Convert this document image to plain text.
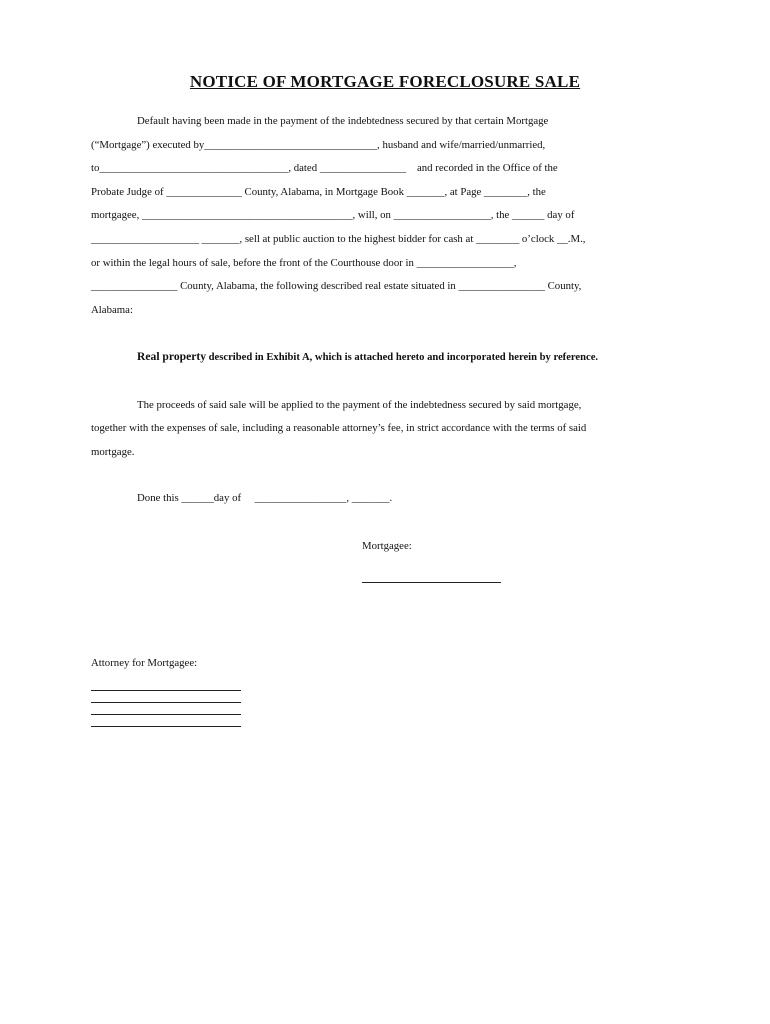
NOTICE OF MORTGAGE FORECLOSURE SALE
Default having been made in the payment of the indebtedness secured by that certain Mortgage
(“Mortgage”) executed by________________________________, husband and wife/married/unmarried,
to___________________________________, dated ________________    and recorded in the Office of the
Probate Judge of ______________ County, Alabama, in Mortgage Book _______, at Page ________, the
mortgagee, _______________________________________, will, on __________________, the ______ day of
____________________ _______, sell at public auction to the highest bidder for cash at ________ o’clock __.M.,
or within the legal hours of sale, before the front of the Courthouse door in __________________,
________________ County, Alabama, the following described real estate situated in ________________ County,
Alabama:
Real property described in Exhibit A, which is attached hereto and incorporated herein by reference.
The proceeds of said sale will be applied to the payment of the indebtedness secured by said mortgage,
together with the expenses of sale, including a reasonable attorney’s fee, in strict accordance with the terms of said
mortgage.
Done this ______day of     _________________, _______.
Mortgagee:
Attorney for Mortgagee:
